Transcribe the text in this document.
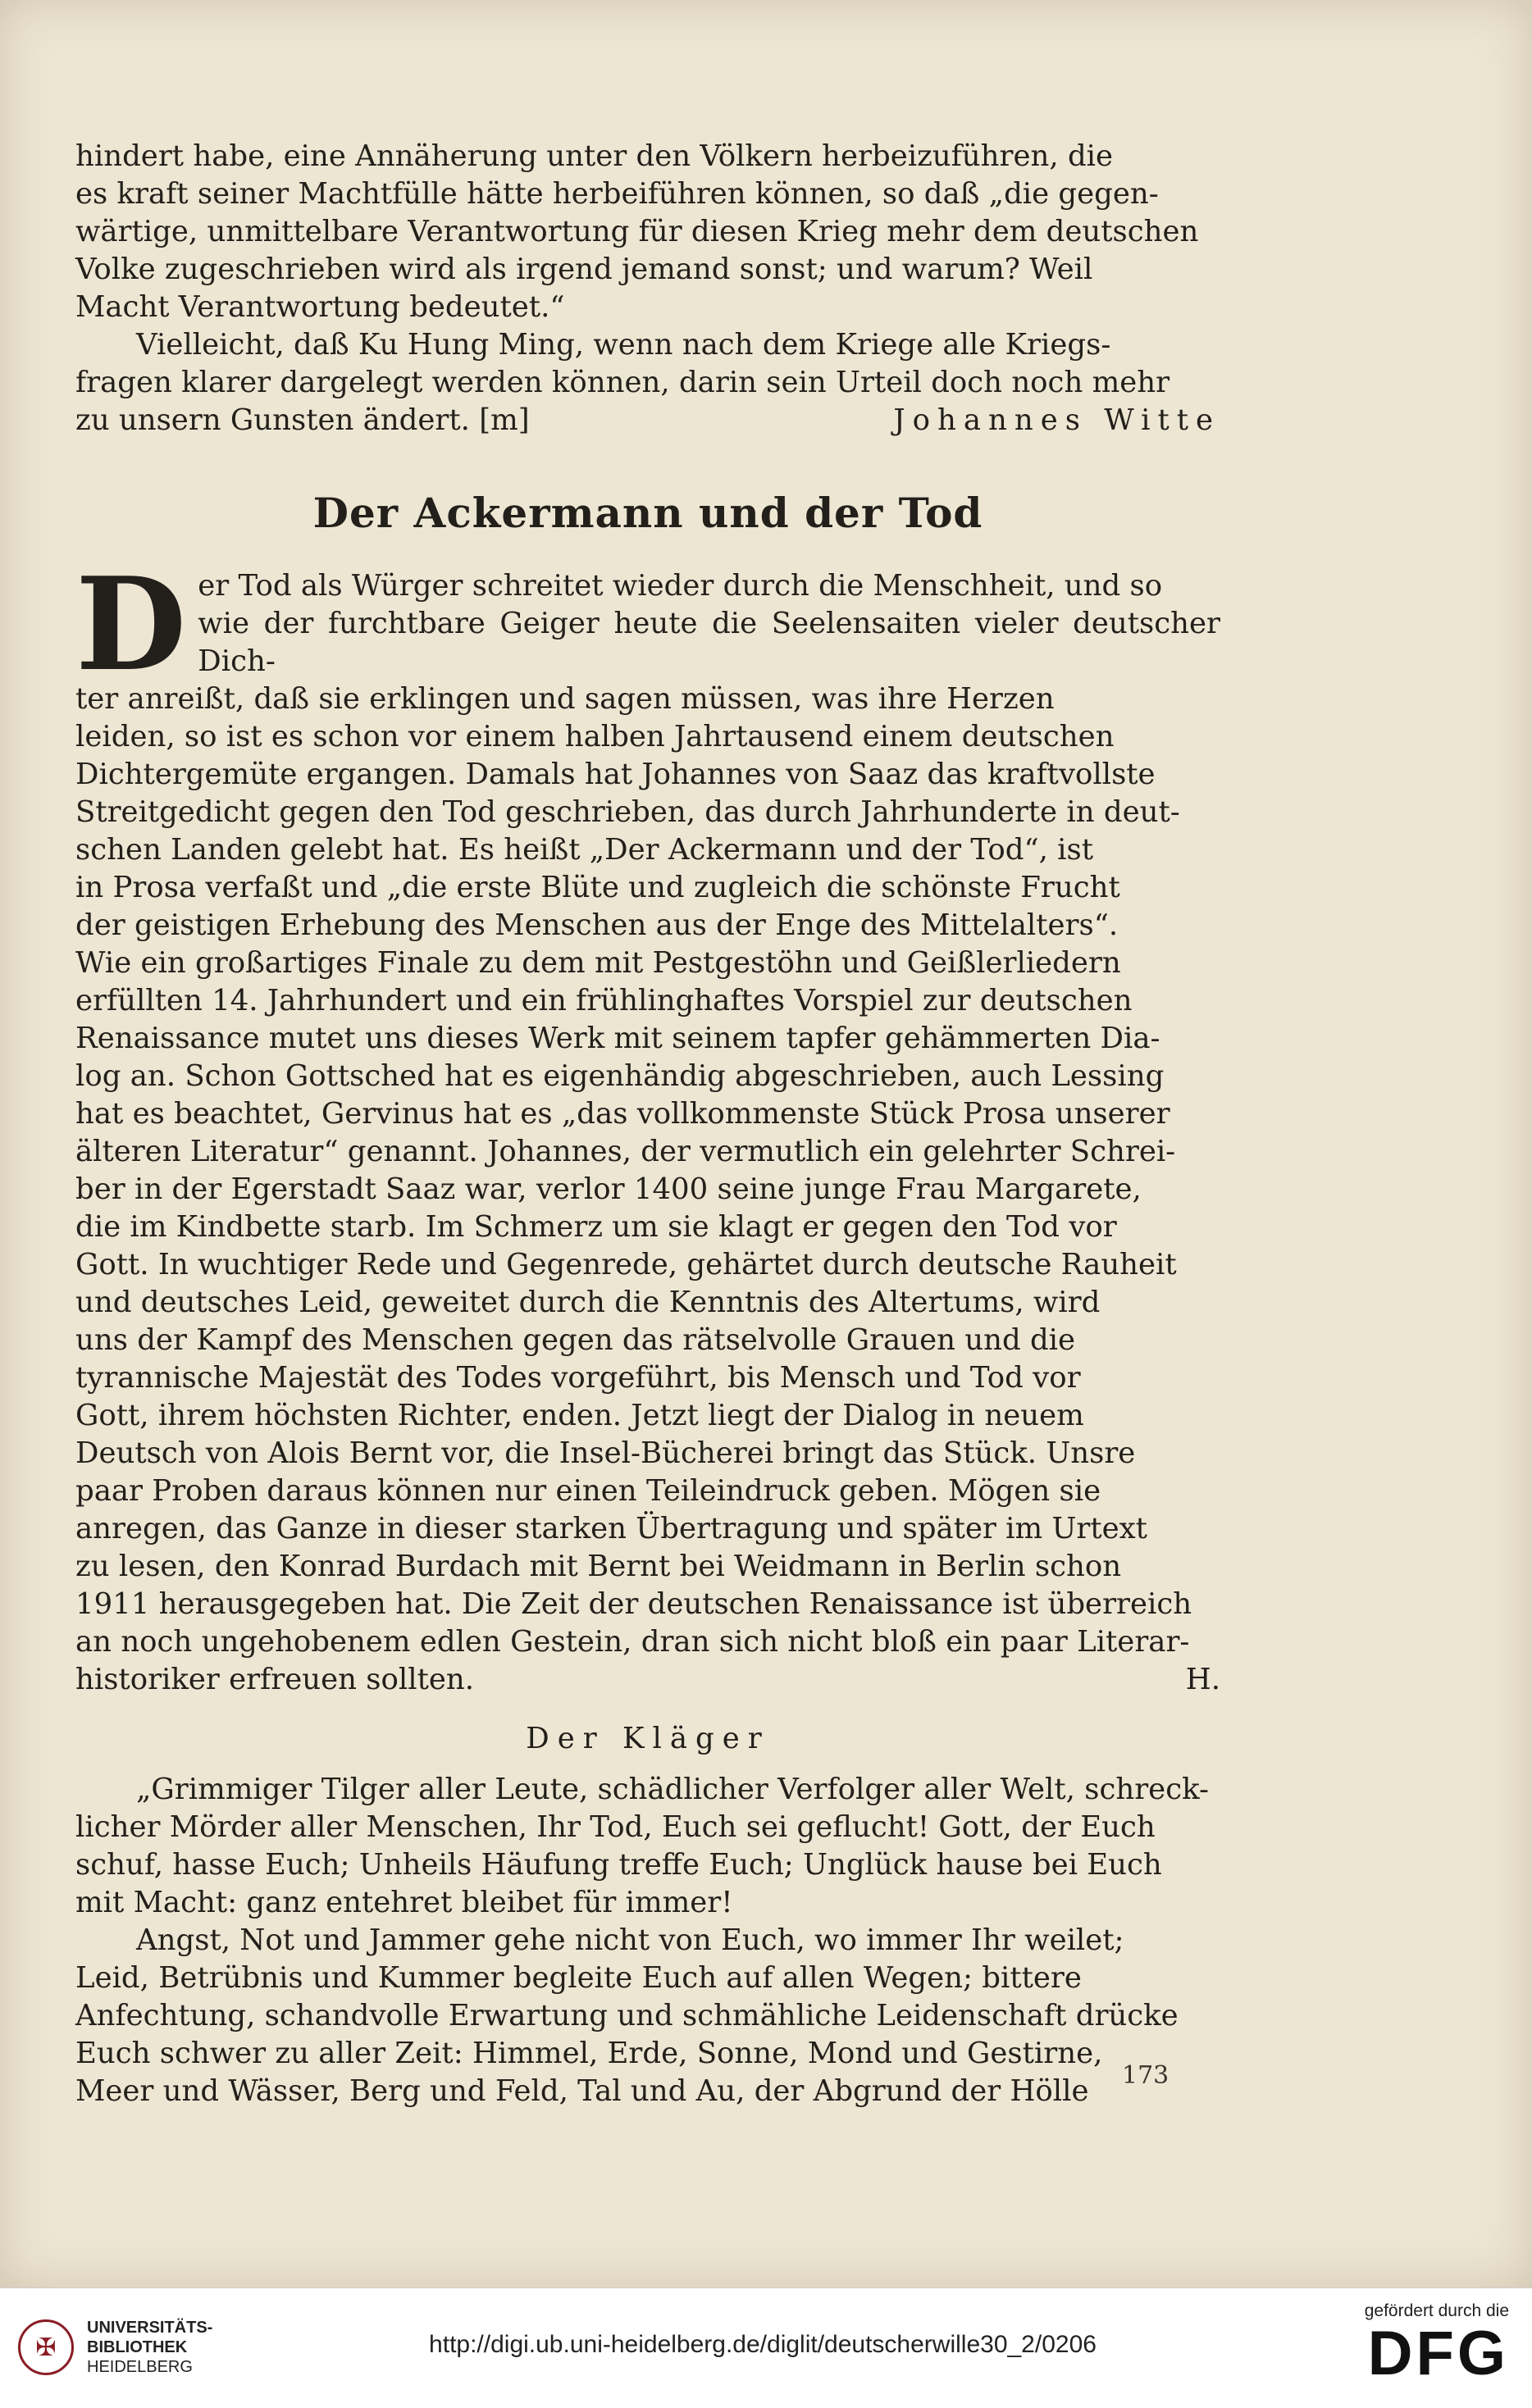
hindert habe, eine Annäherung unter den Völkern herbeizuführen, die

es kraft seiner Machtfülle hätte herbeiführen können, so daß „die gegen-

wärtige, unmittelbare Verantwortung für diesen Krieg mehr dem deutschen

Volke zugeschrieben wird als irgend jemand sonst; und warum? Weil

Macht Verantwortung bedeutet.“

Vielleicht, daß Ku Hung Ming, wenn nach dem Kriege alle Kriegs-

fragen klarer dargelegt werden können, darin sein Urteil doch noch mehr

zu unsern Gunsten ändert. [m]	Johannes Witte
Der Ackermann und der Tod
D er Tod als Würger schreitet wieder durch die Menschheit, und so

wie der furchtbare Geiger heute die Seelensaiten vieler deutscher Dich-

ter anreißt, daß sie erklingen und sagen müssen, was ihre Herzen

leiden, so ist es schon vor einem halben Jahrtausend einem deutschen

Dichtergemüte ergangen. Damals hat Johannes von Saaz das kraftvollste

Streitgedicht gegen den Tod geschrieben, das durch Jahrhunderte in deut-

schen Landen gelebt hat. Es heißt „Der Ackermann und der Tod“, ist

in Prosa verfaßt und „die erste Blüte und zugleich die schönste Frucht

der geistigen Erhebung des Menschen aus der Enge des Mittelalters“.

Wie ein großartiges Finale zu dem mit Pestgestöhn und Geißlerliedern

erfüllten 14. Jahrhundert und ein frühlinghaftes Vorspiel zur deutschen

Renaissance mutet uns dieses Werk mit seinem tapfer gehämmerten Dia-

log an. Schon Gottsched hat es eigenhändig abgeschrieben, auch Lessing

hat es beachtet, Gervinus hat es „das vollkommenste Stück Prosa unserer

älteren Literatur“ genannt. Johannes, der vermutlich ein gelehrter Schrei-

ber in der Egerstadt Saaz war, verlor 1400 seine junge Frau Margarete,

die im Kindbette starb. Im Schmerz um sie klagt er gegen den Tod vor

Gott. In wuchtiger Rede und Gegenrede, gehärtet durch deutsche Rauheit

und deutsches Leid, geweitet durch die Kenntnis des Altertums, wird

uns der Kampf des Menschen gegen das rätselvolle Grauen und die

tyrannische Majestät des Todes vorgeführt, bis Mensch und Tod vor

Gott, ihrem höchsten Richter, enden. Jetzt liegt der Dialog in neuem

Deutsch von Alois Bernt vor, die Insel-Bücherei bringt das Stück. Unsre

paar Proben daraus können nur einen Teileindruck geben. Mögen sie

anregen, das Ganze in dieser starken Übertragung und später im Urtext

zu lesen, den Konrad Burdach mit Bernt bei Weidmann in Berlin schon

1911 herausgegeben hat. Die Zeit der deutschen Renaissance ist überreich

an noch ungehobenem edlen Gestein, dran sich nicht bloß ein paar Literar-

historiker erfreuen sollten.	H.
Der Kläger

„Grimmiger Tilger aller Leute, schädlicher Verfolger aller Welt, schreck-

licher Mörder aller Menschen, Ihr Tod, Euch sei geflucht! Gott, der Euch

schuf, hasse Euch; Unheils Häufung treffe Euch; Unglück hause bei Euch

mit Macht: ganz entehret bleibet für immer!

Angst, Not und Jammer gehe nicht von Euch, wo immer Ihr weilet;

Leid, Betrübnis und Kummer begleite Euch auf allen Wegen; bittere

Anfechtung, schandvolle Erwartung und schmähliche Leidenschaft drücke

Euch schwer zu aller Zeit: Himmel, Erde, Sonne, Mond und Gestirne,

Meer und Wässer, Berg und Feld, Tal und Au, der Abgrund der Hölle	173
✠
UNIVERSITÄTS-
BIBLIOTHEK
HEIDELBERG
http://digi.ub.uni-heidelberg.de/diglit/deutscherwille30_2/0206
gefördert durch die
DFG
